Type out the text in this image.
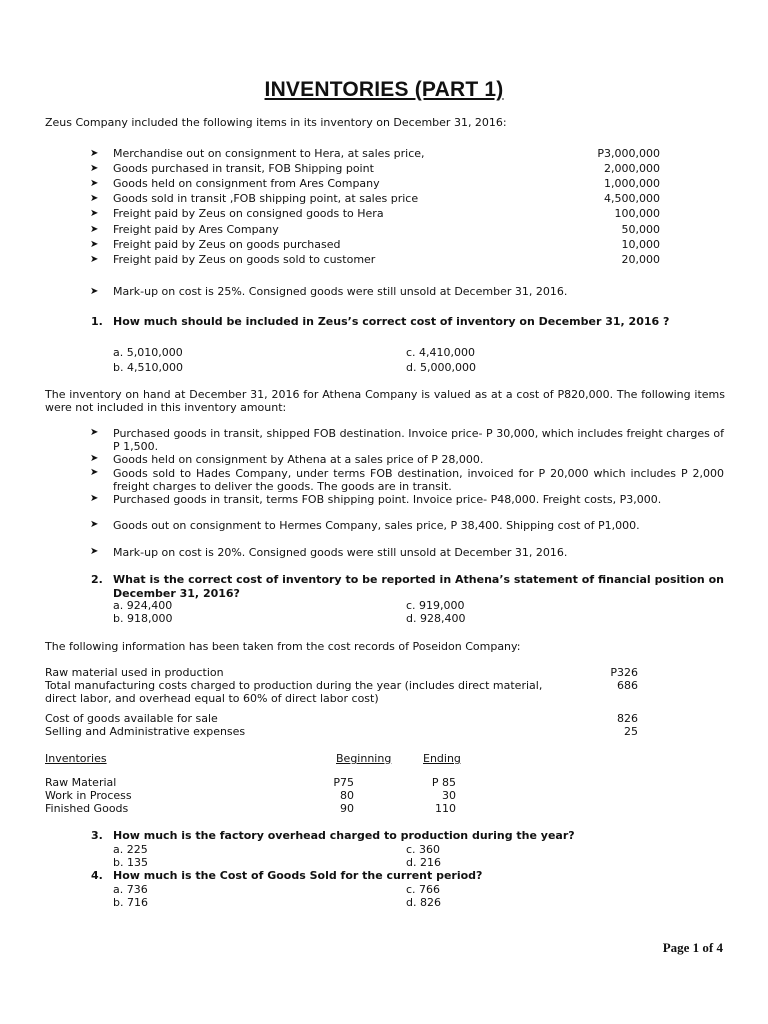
INVENTORIES (PART 1)
Zeus Company included the following items in its inventory on December 31, 2016:
➤ Merchandise out on consignment to Hera, at sales price,	P3,000,000
➤ Goods purchased in transit, FOB Shipping point	2,000,000
➤ Goods held on consignment from Ares Company	1,000,000
➤ Goods sold in transit ,FOB shipping point, at sales price	4,500,000
➤ Freight paid by Zeus on consigned goods to Hera	100,000
➤ Freight paid by Ares Company	50,000
➤ Freight paid by Zeus on goods purchased	10,000
➤ Freight paid by Zeus on goods sold to customer	20,000
➤ Mark-up on cost is 25%. Consigned goods were still unsold at December 31, 2016.
1. How much should be included in Zeus’s correct cost of inventory on December 31, 2016 ?
a. 5,010,000
b. 4,510,000
c. 4,410,000
d. 5,000,000
The inventory on hand at December 31, 2016 for Athena Company is valued as at a cost of P820,000. The following items were not included in this inventory amount:
➤ Purchased goods in transit, shipped FOB destination. Invoice price- P 30,000, which includes freight charges of P 1,500.
➤ Goods held on consignment by Athena at a sales price of P 28,000.
➤ Goods sold to Hades Company, under terms FOB destination, invoiced for P 20,000 which includes P 2,000 freight charges to deliver the goods. The goods are in transit.
➤ Purchased goods in transit, terms FOB shipping point. Invoice price- P48,000. Freight costs, P3,000.
➤ Goods out on consignment to Hermes Company, sales price, P 38,400. Shipping cost of P1,000.
➤ Mark-up on cost is 20%. Consigned goods were still unsold at December 31, 2016.
2. What is the correct cost of inventory to be reported in Athena’s statement of financial position on December 31, 2016?
a. 924,400
b. 918,000
c. 919,000
d. 928,400
The following information has been taken from the cost records of Poseidon Company:
Raw material used in production	P326
Total manufacturing costs charged to production during the year (includes direct material, direct labor, and overhead equal to 60% of direct labor cost)
686
Cost of goods available for sale	826
Selling and Administrative expenses	25
Inventories	Beginning	Ending
Raw Material	P75	P 85
Work in Process	80	30
Finished Goods	90	110
3. How much is the factory overhead charged to production during the year?
a. 225
b. 135
c. 360
d. 216
4. How much is the Cost of Goods Sold for the current period?
a. 736
b. 716
c. 766
d. 826
Page 1 of 4
